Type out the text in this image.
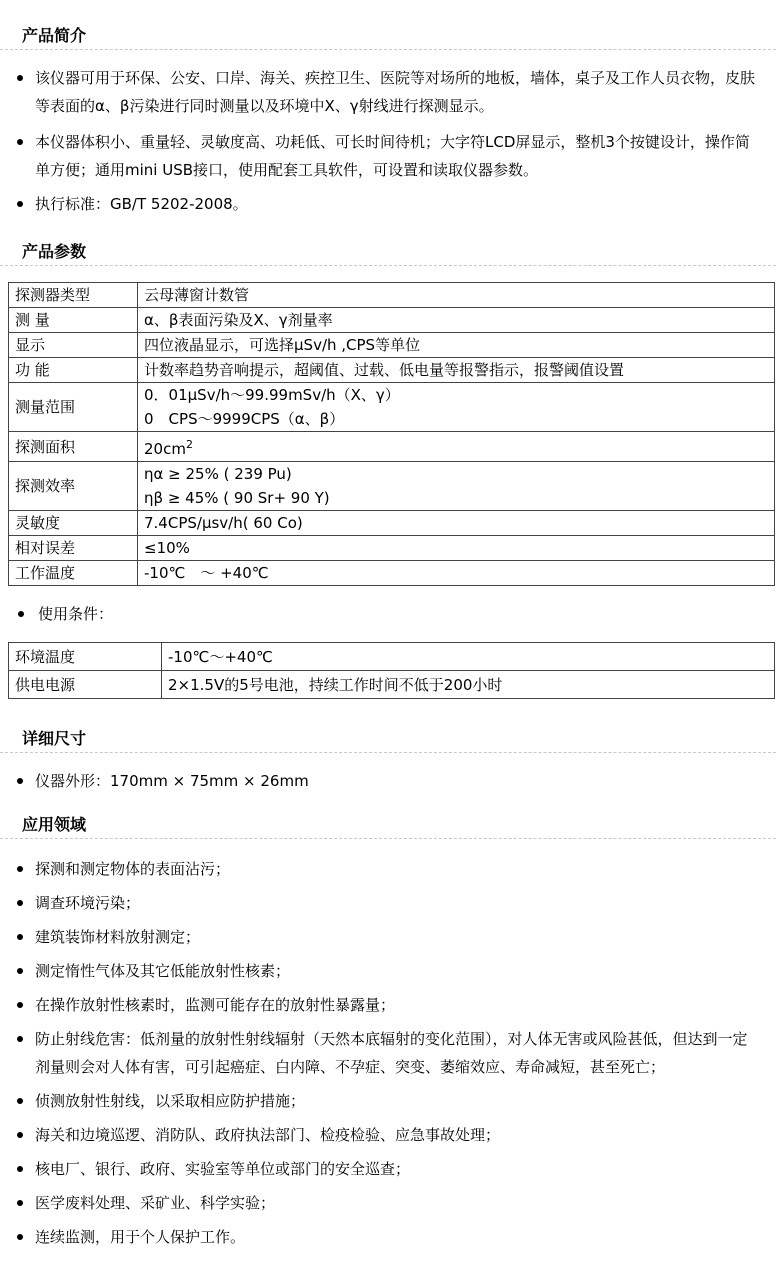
产品简介
该仪器可用于环保、公安、口岸、海关、疾控卫生、医院等对场所的地板，墙体，桌子及工作人员衣物，皮肤等表面的α、β污染进行同时测量以及环境中X、γ射线进行探测显示。
本仪器体积小、重量轻、灵敏度高、功耗低、可长时间待机；大字符LCD屏显示，整机3个按键设计，操作简单方便；通用mini USB接口，使用配套工具软件，可设置和读取仪器参数。
执行标准：GB/T 5202-2008。
产品参数
探测器类型	云母薄窗计数管
测 量	α、β表面污染及X、γ剂量率
显示	四位液晶显示，可选择μSv/h ,CPS等单位
功 能	计数率趋势音响提示，超阈值、过载、低电量等报警指示，报警阈值设置
测量范围	0．01μSv/h～99.99mSv/h（X、γ）
0　CPS～9999CPS（α、β）

探测面积	$20cm^2$
探测效率	ηα ≥ 25% ( 239 Pu)
ηβ ≥ 45% ( 90 Sr+ 90 Y)

灵敏度	7.4CPS/μsv/h( 60 Co)
相对误差	≤10%
工作温度	-10℃　～ +40℃
使用条件：
环境温度	-10℃～+40℃
供电电源	2×1.5V的5号电池，持续工作时间不低于200小时
详细尺寸
仪器外形：170mm × 75mm × 26mm
应用领域
探测和测定物体的表面沾污；
调查环境污染；
建筑装饰材料放射测定；
测定惰性气体及其它低能放射性核素；
在操作放射性核素时，监测可能存在的放射性暴露量；
防止射线危害：低剂量的放射性射线辐射（天然本底辐射的变化范围），对人体无害或风险甚低，但达到一定剂量则会对人体有害，可引起癌症、白内障、不孕症、突变、萎缩效应、寿命减短，甚至死亡；
侦测放射性射线，以采取相应防护措施；
海关和边境巡逻、消防队、政府执法部门、检疫检验、应急事故处理；
核电厂、银行、政府、实验室等单位或部门的安全巡查；
医学废料处理、采矿业、科学实验；
连续监测，用于个人保护工作。
